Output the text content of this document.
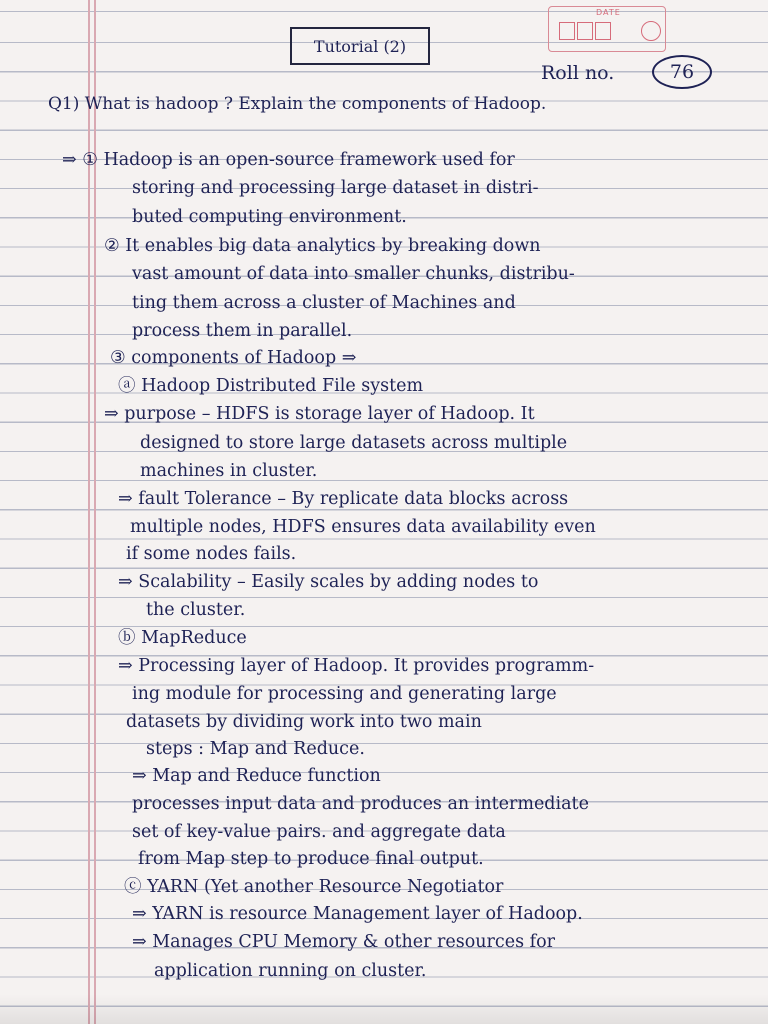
DATE
Tutorial (2)
Roll no.	76
Q1) What is hadoop ? Explain the components of Hadoop.
⇒ ① Hadoop is an open-source framework used for
storing and processing large dataset in distri-
buted computing environment.
② It enables big data analytics by breaking down
vast amount of data into smaller chunks, distribu-
ting them across a cluster of Machines and
process them in parallel.
③ components of Hadoop ⇒
ⓐ Hadoop Distributed File system
⇒ purpose – HDFS is storage layer of Hadoop. It
designed to store large datasets across multiple
machines in cluster.
⇒ fault Tolerance – By replicate data blocks across
multiple nodes, HDFS ensures data availability even
if some nodes fails.
⇒ Scalability – Easily scales by adding nodes to
the cluster.
ⓑ MapReduce
⇒ Processing layer of Hadoop. It provides programm-
ing module for processing and generating large
datasets by dividing work into two main
steps : Map and Reduce.
⇒ Map and Reduce function
processes input data and produces an intermediate
set of key-value pairs. and aggregate data
from Map step to produce final output.
ⓒ YARN (Yet another Resource Negotiator
⇒ YARN is resource Management layer of Hadoop.
⇒ Manages CPU Memory & other resources for
application running on cluster.
